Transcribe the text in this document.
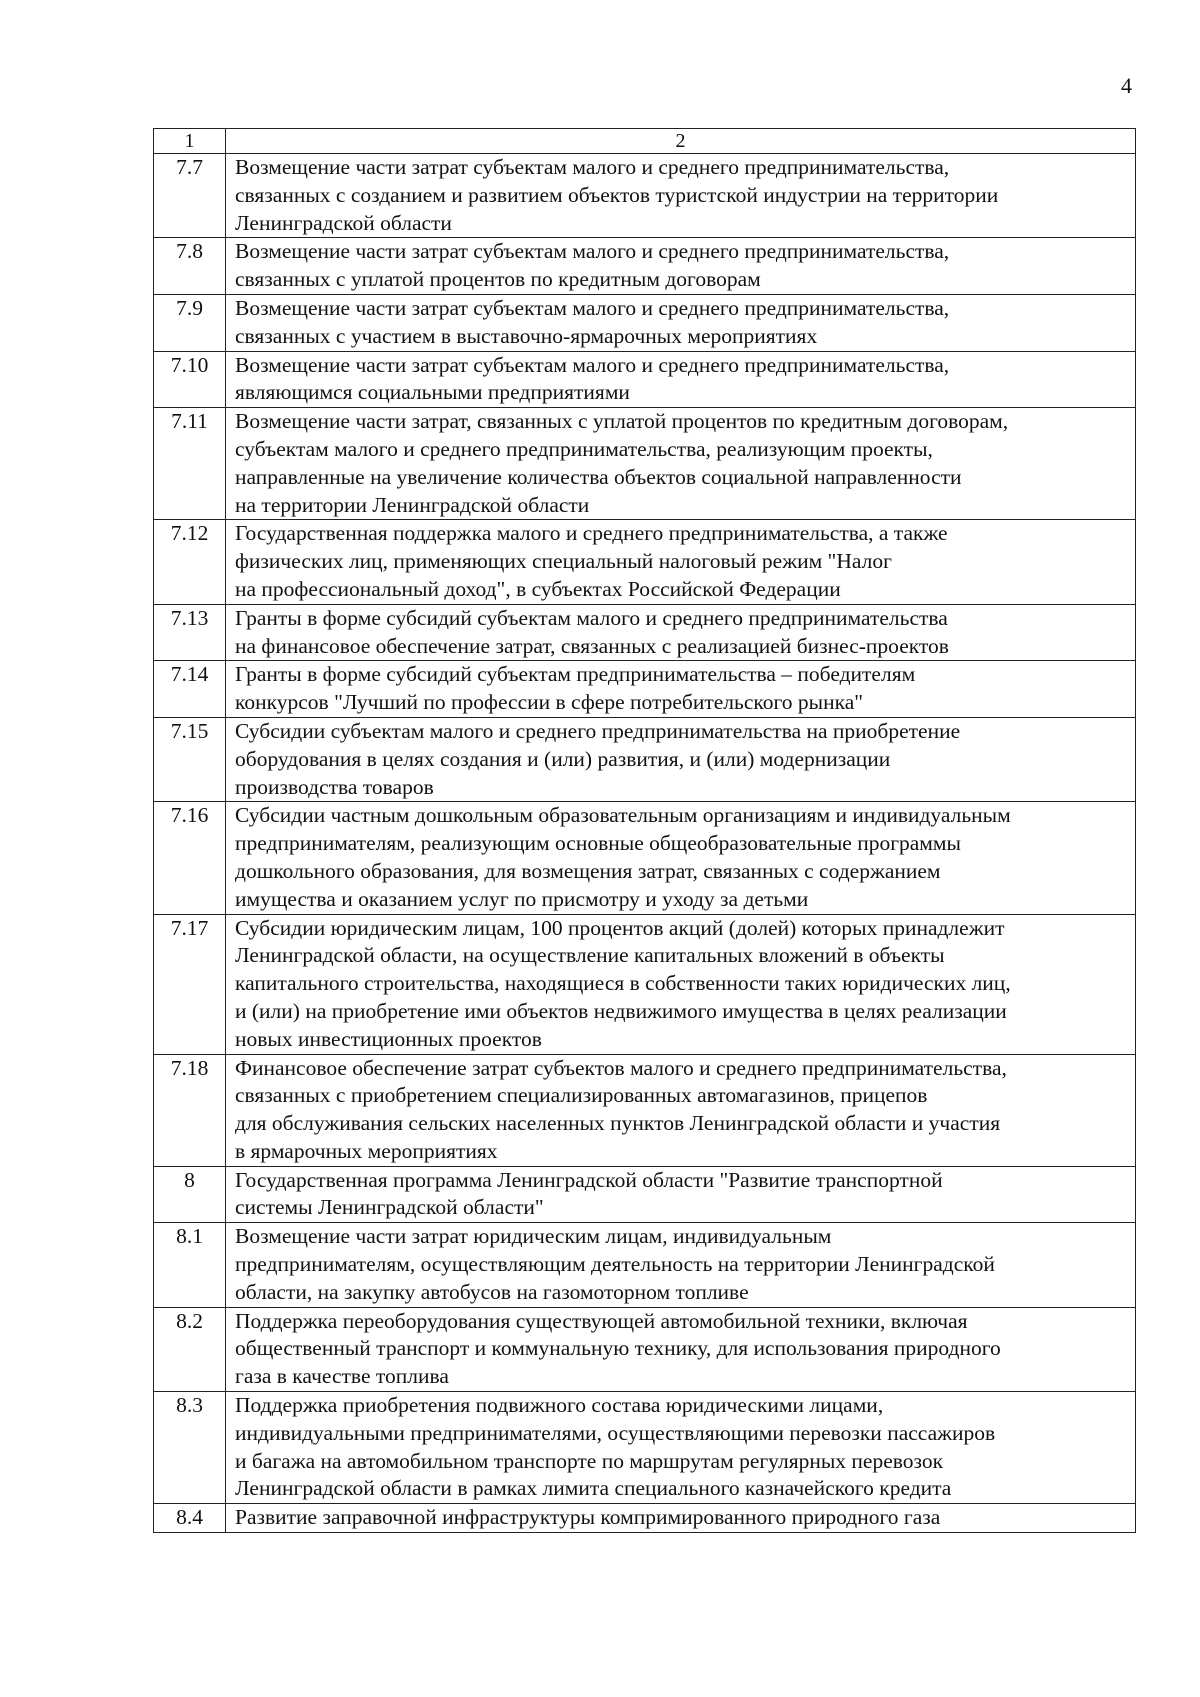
4
1	2
7.7	Возмещение части затрат субъектам малого и среднего предпринимательства,
связанных с созданием и развитием объектов туристской индустрии на территории
Ленинградской области
7.8	Возмещение части затрат субъектам малого и среднего предпринимательства,
связанных с уплатой процентов по кредитным договорам
7.9	Возмещение части затрат субъектам малого и среднего предпринимательства,
связанных с участием в выставочно-ярмарочных мероприятиях
7.10	Возмещение части затрат субъектам малого и среднего предпринимательства,
являющимся социальными предприятиями
7.11	Возмещение части затрат, связанных с уплатой процентов по кредитным договорам,
субъектам малого и среднего предпринимательства, реализующим проекты,
направленные на увеличение количества объектов социальной направленности
на территории Ленинградской области
7.12	Государственная поддержка малого и среднего предпринимательства, а также
физических лиц, применяющих специальный налоговый режим "Налог
на профессиональный доход", в субъектах Российской Федерации
7.13	Гранты в форме субсидий субъектам малого и среднего предпринимательства
на финансовое обеспечение затрат, связанных с реализацией бизнес-проектов
7.14	Гранты в форме субсидий субъектам предпринимательства – победителям
конкурсов "Лучший по профессии в сфере потребительского рынка"
7.15	Субсидии субъектам малого и среднего предпринимательства на приобретение
оборудования в целях создания и (или) развития, и (или) модернизации
производства товаров
7.16	Субсидии частным дошкольным образовательным организациям и индивидуальным
предпринимателям, реализующим основные общеобразовательные программы
дошкольного образования, для возмещения затрат, связанных с содержанием
имущества и оказанием услуг по присмотру и уходу за детьми
7.17	Субсидии юридическим лицам, 100 процентов акций (долей) которых принадлежит
Ленинградской области, на осуществление капитальных вложений в объекты
капитального строительства, находящиеся в собственности таких юридических лиц,
и (или) на приобретение ими объектов недвижимого имущества в целях реализации
новых инвестиционных проектов
7.18	Финансовое обеспечение затрат субъектов малого и среднего предпринимательства,
связанных с приобретением специализированных автомагазинов, прицепов
для обслуживания сельских населенных пунктов Ленинградской области и участия
в ярмарочных мероприятиях
8	Государственная программа Ленинградской области "Развитие транспортной
системы Ленинградской области"
8.1	Возмещение части затрат юридическим лицам, индивидуальным
предпринимателям, осуществляющим деятельность на территории Ленинградской
области, на закупку автобусов на газомоторном топливе
8.2	Поддержка переоборудования существующей автомобильной техники, включая
общественный транспорт и коммунальную технику, для использования природного
газа в качестве топлива
8.3	Поддержка приобретения подвижного состава юридическими лицами,
индивидуальными предпринимателями, осуществляющими перевозки пассажиров
и багажа на автомобильном транспорте по маршрутам регулярных перевозок
Ленинградской области в рамках лимита специального казначейского кредита
8.4	Развитие заправочной инфраструктуры компримированного природного газа
